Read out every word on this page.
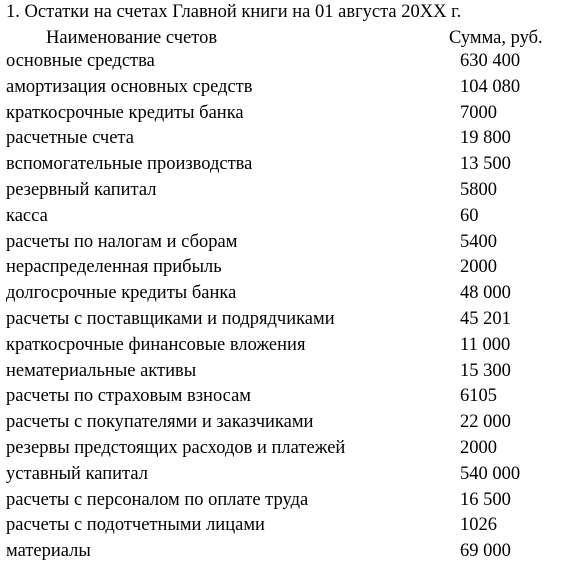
1. Остатки на счетах Главной книги на 01 августа 20ХХ г.
Наименование счетов	Сумма, руб.
основные средства	630 400
амортизация основных средств	104 080
краткосрочные кредиты банка	7000
расчетные счета	19 800
вспомогательные производства	13 500
резервный капитал	5800
касса	60
расчеты по налогам и сборам	5400
нераспределенная прибыль	2000
долгосрочные кредиты банка	48 000
расчеты с поставщиками и подрядчиками	45 201
краткосрочные финансовые вложения	11 000
нематериальные активы	15 300
расчеты по страховым взносам	6105
расчеты с покупателями и заказчиками	22 000
резервы предстоящих расходов и платежей	2000
уставный капитал	540 000
расчеты с персоналом по оплате труда	16 500
расчеты с подотчетными лицами	1026
материалы	69 000
